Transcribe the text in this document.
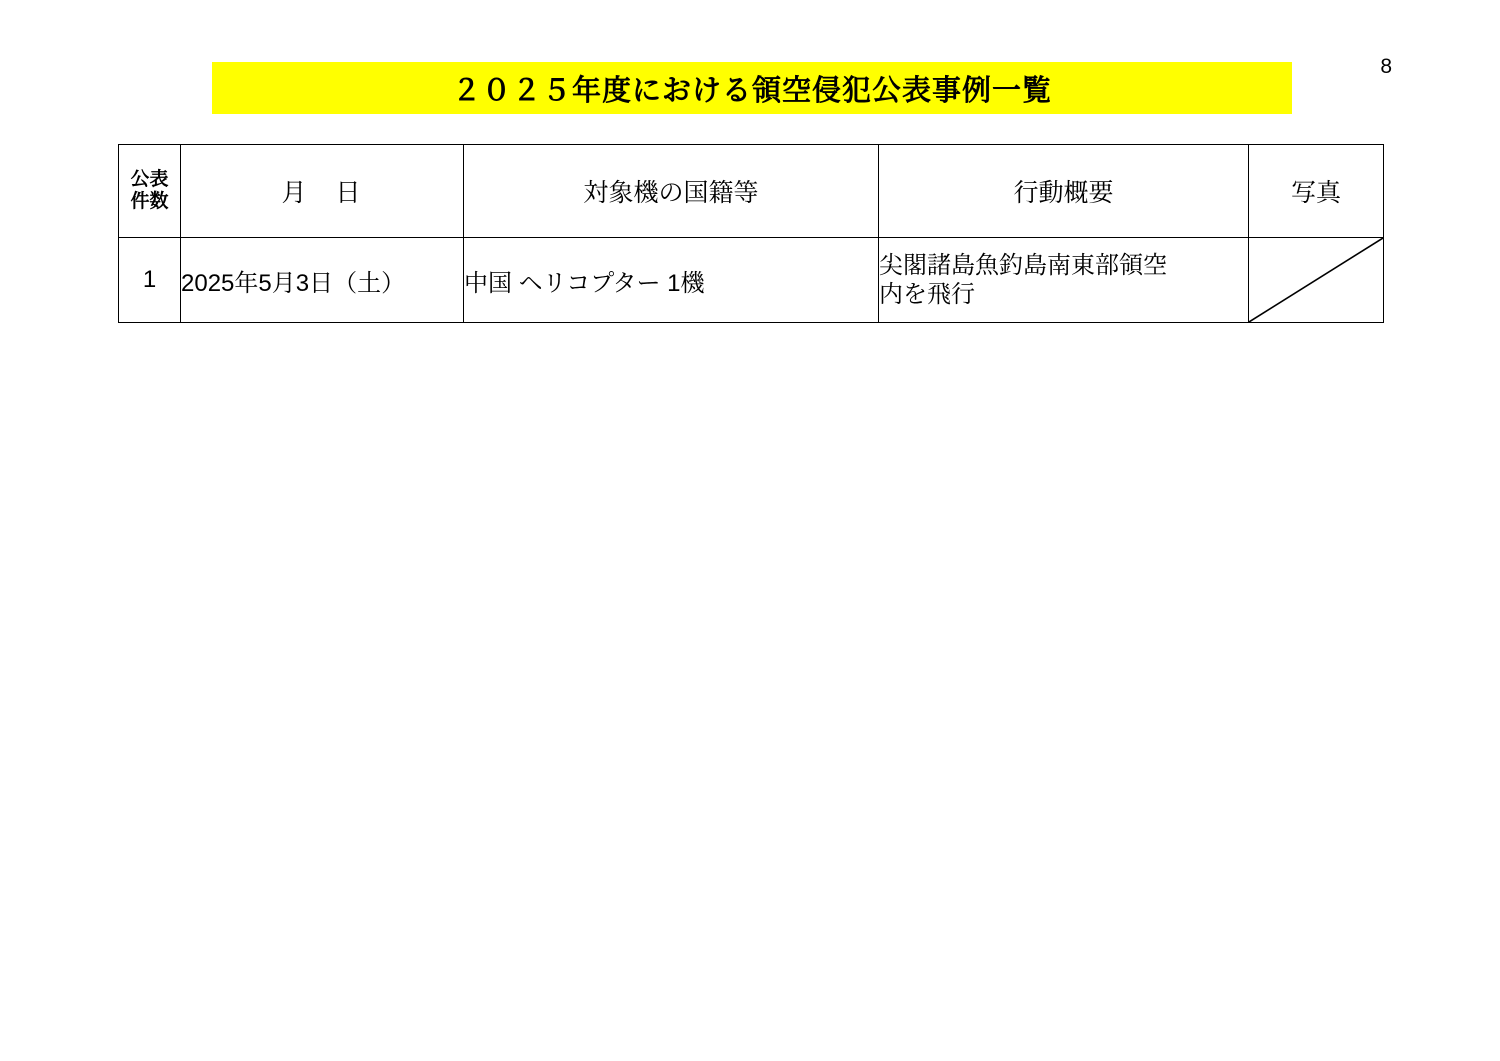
8
２０２５年度における領空侵犯公表事例一覧
公表
件数	月　日	対象機の国籍等	行動概要	写真
1	2025年5月3日（土）	中国 ヘリコプター 1機	尖閣諸島魚釣島南東部領空
内を飛行
